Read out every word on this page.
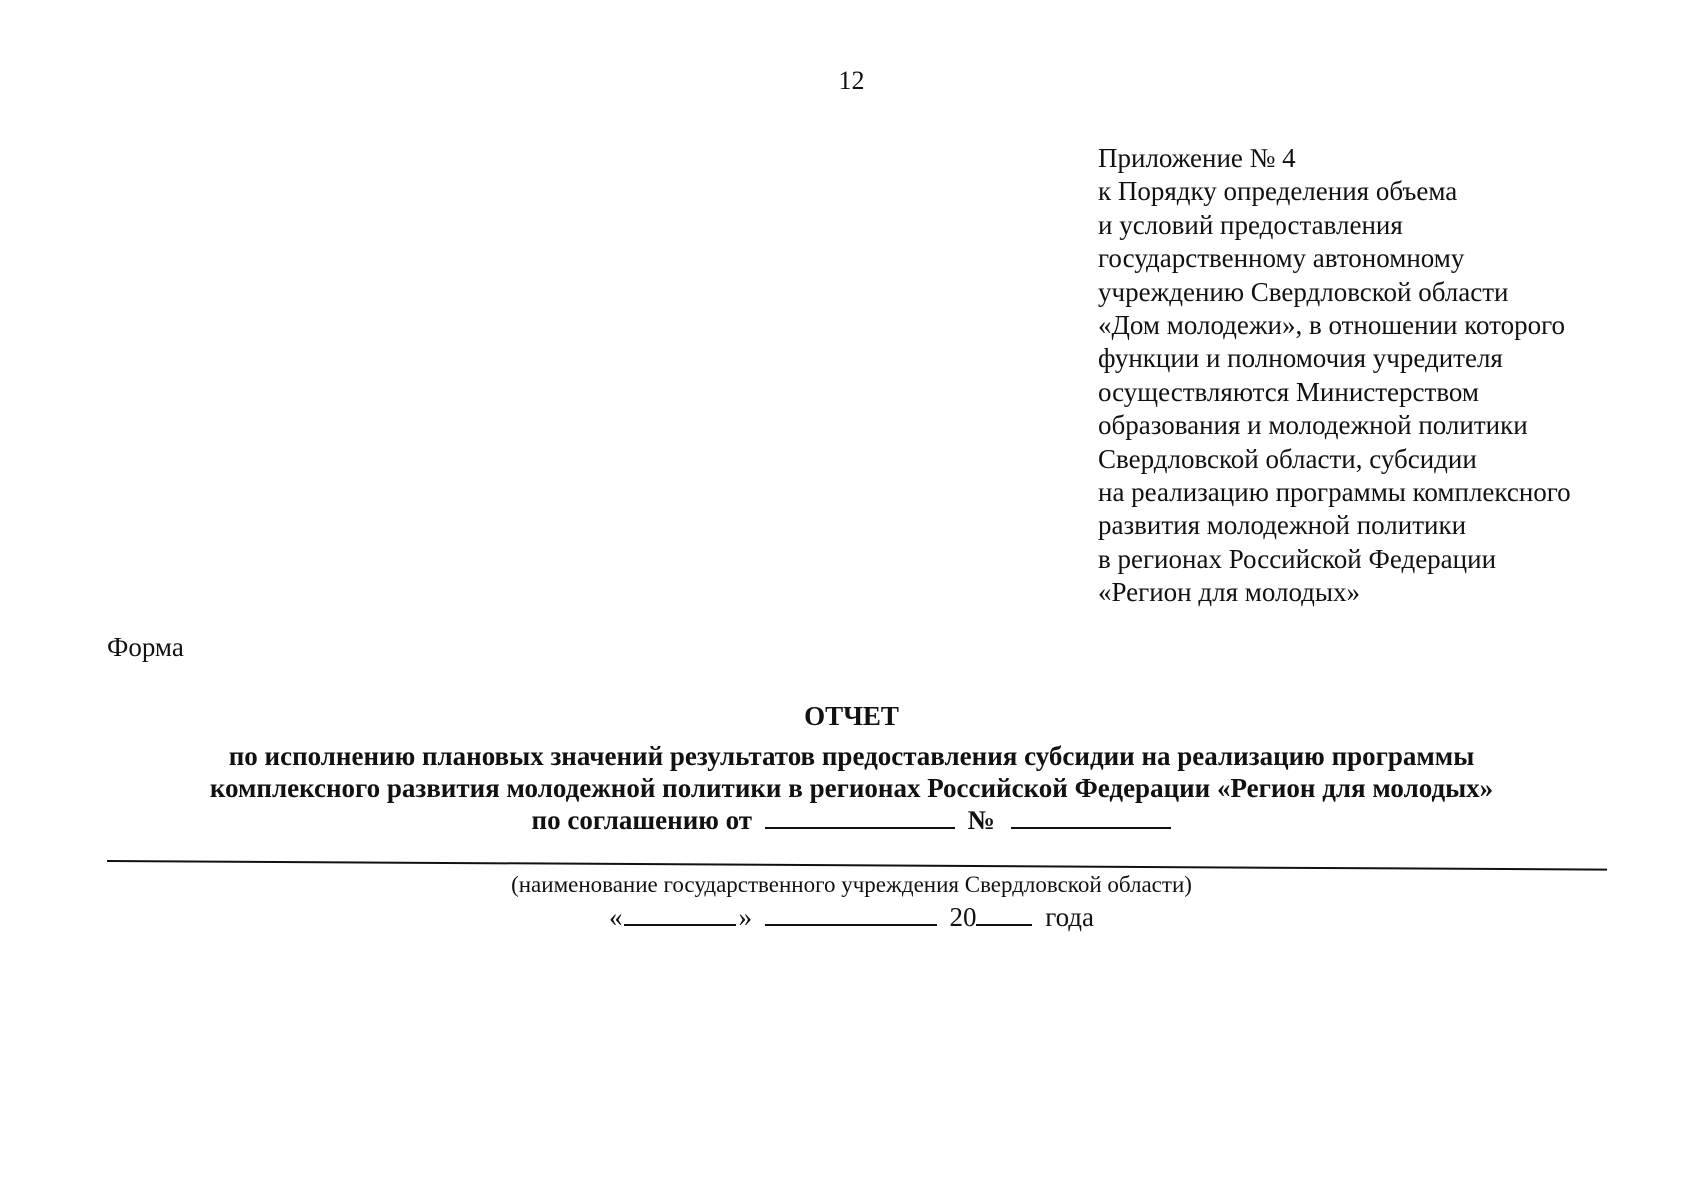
12
Приложение № 4
к Порядку определения объема
и условий предоставления
государственному автономному
учреждению Свердловской области
«Дом молодежи», в отношении которого
функции и полномочия учредителя
осуществляются Министерством
образования и молодежной политики
Свердловской области, субсидии
на реализацию программы комплексного
развития молодежной политики
в регионах Российской Федерации
«Регион для молодых»
Форма
ОТЧЕТ
по исполнению плановых значений результатов предоставления субсидии на реализацию программы
комплексного развития молодежной политики в регионах Российской Федерации «Регион для молодых»
по соглашению от	№
(наименование государственного учреждения Свердловской области)
«	»	20	года
